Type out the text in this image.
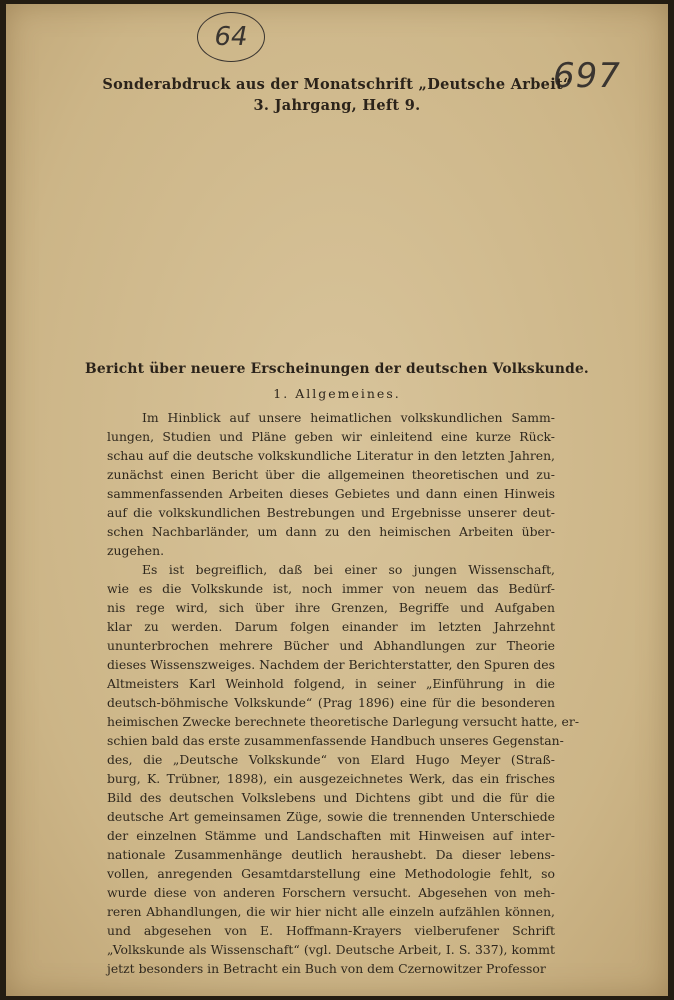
64
697
Sonderabdruck aus der Monatschrift „Deutsche Arbeit“
3. Jahrgang, Heft 9.
Bericht über neuere Erscheinungen der deutschen Volkskunde.
1. Allgemeines.
Im Hinblick auf unsere heimatlichen volkskundlichen Samm-
lungen, Studien und Pläne geben wir einleitend eine kurze Rück-
schau auf die deutsche volkskundliche Literatur in den letzten Jahren,
zunächst einen Bericht über die allgemeinen theoretischen und zu-
sammenfassenden Arbeiten dieses Gebietes und dann einen Hinweis
auf die volkskundlichen Bestrebungen und Ergebnisse unserer deut-
schen Nachbarländer, um dann zu den heimischen Arbeiten über-
zugehen.
Es ist begreiflich, daß bei einer so jungen Wissenschaft,
wie es die Volkskunde ist, noch immer von neuem das Bedürf-
nis rege wird, sich über ihre Grenzen, Begriffe und Aufgaben
klar zu werden. Darum folgen einander im letzten Jahrzehnt
ununterbrochen mehrere Bücher und Abhandlungen zur Theorie
dieses Wissenszweiges. Nachdem der Berichterstatter, den Spuren des
Altmeisters Karl Weinhold folgend, in seiner „Einführung in die
deutsch-böhmische Volkskunde“ (Prag 1896) eine für die besonderen
heimischen Zwecke berechnete theoretische Darlegung versucht hatte, er-
schien bald das erste zusammenfassende Handbuch unseres Gegenstan-
des, die „Deutsche Volkskunde“ von Elard Hugo Meyer (Straß-
burg, K. Trübner, 1898), ein ausgezeichnetes Werk, das ein frisches
Bild des deutschen Volkslebens und Dichtens gibt und die für die
deutsche Art gemeinsamen Züge, sowie die trennenden Unterschiede
der einzelnen Stämme und Landschaften mit Hinweisen auf inter-
nationale Zusammenhänge deutlich heraushebt. Da dieser lebens-
vollen, anregenden Gesamtdarstellung eine Methodologie fehlt, so
wurde diese von anderen Forschern versucht. Abgesehen von meh-
reren Abhandlungen, die wir hier nicht alle einzeln aufzählen können,
und abgesehen von E. Hoffmann-Krayers vielberufener Schrift
„Volkskunde als Wissenschaft“ (vgl. Deutsche Arbeit, I. S. 337), kommt
jetzt besonders in Betracht ein Buch von dem Czernowitzer Professor
